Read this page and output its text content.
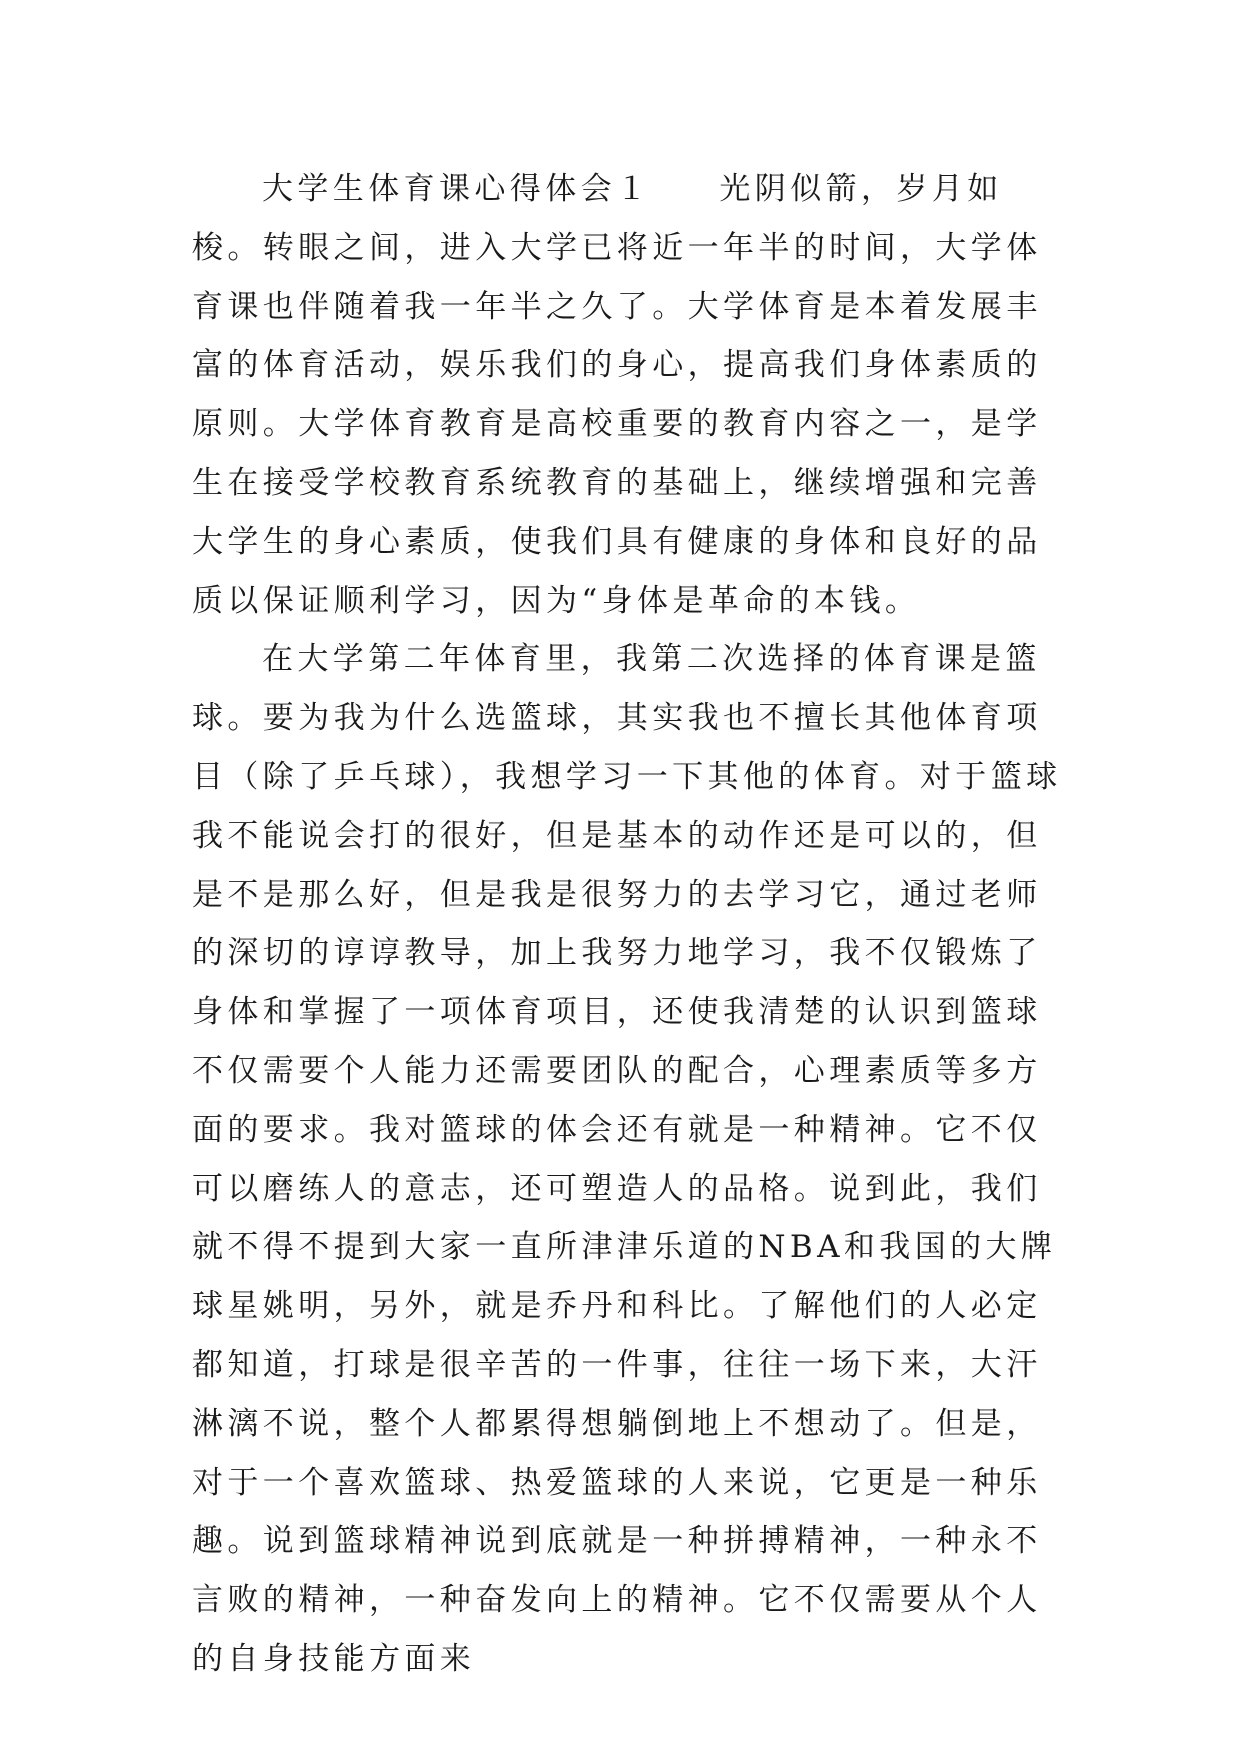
大学生体育课心得体会１ 光阴似箭，岁月如梭。转眼之间，进入大学已将近一年半的时间，大学体育课也伴随着我一年半之久了。大学体育是本着发展丰富的体育活动，娱乐我们的身心，提高我们身体素质的原则。大学体育教育是高校重要的教育内容之一，是学生在接受学校教育系统教育的基础上，继续增强和完善大学生的身心素质，使我们具有健康的身体和良好的品质以保证顺利学习，因为“身体是革命的本钱。

在大学第二年体育里，我第二次选择的体育课是篮球。要为我为什么选篮球，其实我也不擅长其他体育项目（除了乒乓球），我想学习一下其他的体育。对于篮球我不能说会打的很好，但是基本的动作还是可以的，但是不是那么好，但是我是很努力的去学习它，通过老师的深切的谆谆教导，加上我努力地学习，我不仅锻炼了身体和掌握了一项体育项目，还使我清楚的认识到篮球不仅需要个人能力还需要团队的配合，心理素质等多方面的要求。我对篮球的体会还有就是一种精神。它不仅可以磨练人的意志，还可塑造人的品格。说到此，我们就不得不提到大家一直所津津乐道的NBA和我国的大牌球星姚明，另外，就是乔丹和科比。了解他们的人必定都知道，打球是很辛苦的一件事，往往一场下来，大汗淋漓不说，整个人都累得想躺倒地上不想动了。但是，对于一个喜欢篮球、热爱篮球的人来说，它更是一种乐趣。说到篮球精神说到底就是一种拼搏精神，一种永不言败的精神，一种奋发向上的精神。它不仅需要从个人的自身技能方面来
